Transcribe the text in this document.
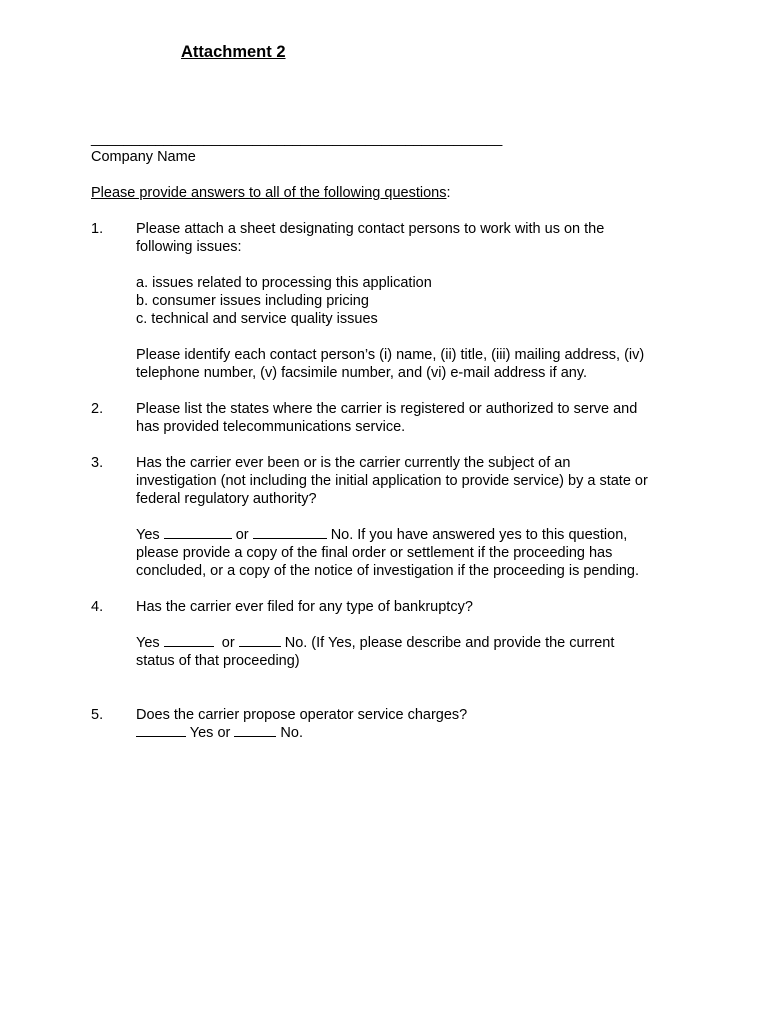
Attachment 2
___________________________________________________
Company Name
Please provide answers to all of the following questions:
1. Please attach a sheet designating contact persons to work with us on the
following issues:
a. issues related to processing this application
b. consumer issues including pricing
c. technical and service quality issues
Please identify each contact person’s (i) name, (ii) title, (iii) mailing address, (iv)
telephone number, (v) facsimile number, and (vi) e-mail address if any.
2. Please list the states where the carrier is registered or authorized to serve and
has provided telecommunications service.
3. Has the carrier ever been or is the carrier currently the subject of an
investigation (not including the initial application to provide service) by a state or
federal regulatory authority?
Yes	or	No. If you have answered yes to this question,
please provide a copy of the final order or settlement if the proceeding has
concluded, or a copy of the notice of investigation if the proceeding is pending.
4. Has the carrier ever filed for any type of bankruptcy?
Yes	or	No. (If Yes, please describe and provide the current
status of that proceeding)
5. Does the carrier propose operator service charges?
Yes or	No.
